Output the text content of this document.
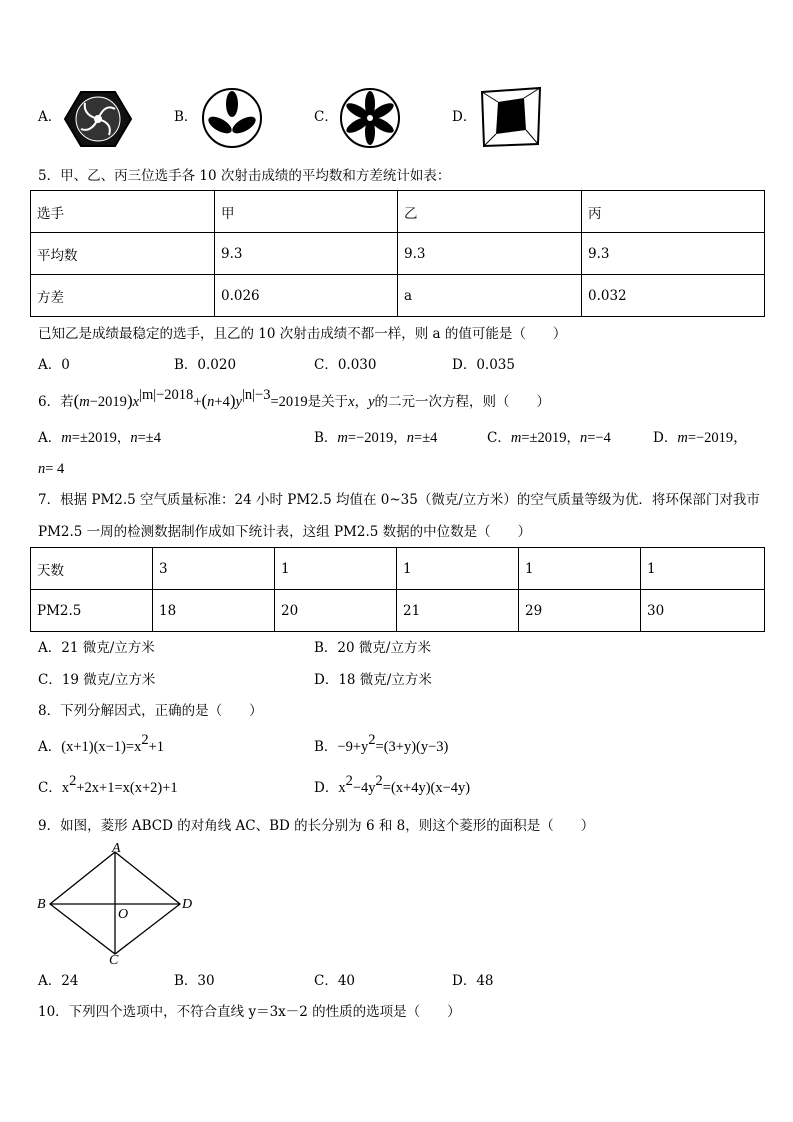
A．	B．	C．	D．
5．甲、乙、丙三位选手各 10 次射击成绩的平均数和方差统计如表：
选手	甲	乙	丙
平均数	9.3	9.3	9.3
方差	0.026	a	0.032
已知乙是成绩最稳定的选手，且乙的 10 次射击成绩不都一样，则 a 的值可能是（　　）
A．0	B．0.020	C．0.030	D．0.035
6．若$(m-2019)x^{|m|-2018}+(n+4)y^{|n|-3}=2019$是关于x，y的二元一次方程，则（　　）
A．m=±2019，n=±4	B．m=−2019，n=±4	C．m=±2019，n=−4	D．m=−2019，
n= 4
7．根据 PM2.5 空气质量标准：24 小时 PM2.5 均值在 0~35（微克/立方米）的空气质量等级为优．将环保部门对我市
PM2.5 一周的检测数据制作成如下统计表，这组 PM2.5 数据的中位数是（　　）
天数	3	1	1	1	1
PM2.5	18	20	21	29	30
A．21 微克/立方米	B．20 微克/立方米
C．19 微克/立方米	D．18 微克/立方米
8．下列分解因式，正确的是（　　）
A．$(x+1)(x-1)=x^2+1$	B．$-9+y^2=(3+y)(y-3)$
C．$x^2+2x+1=x(x+2)+1$	D．$x^2-4y^2=(x+4y)(x-4y)$
9．如图，菱形 ABCD 的对角线 AC、BD 的长分别为 6 和 8，则这个菱形的面积是（　　）
A
B
C
D
O
A．24	B．30	C．40	D．48
10．下列四个选项中，不符合直线 y＝3x－2 的性质的选项是（　　）
